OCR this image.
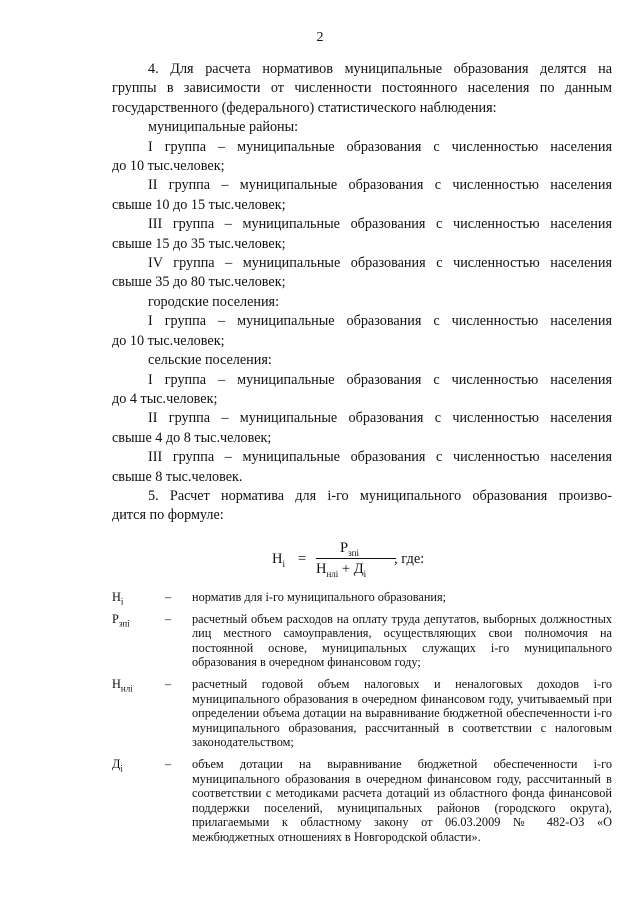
2
4. Для расчета нормативов муниципальные образования делятся на
группы в зависимости от численности постоянного населения по данным
государственного (федерального) статистического наблюдения:
муниципальные районы:
I группа – муниципальные образования с численностью населения
до 10 тыс.человек;
II группа – муниципальные образования с численностью населения
свыше 10 до 15 тыс.человек;
III группа – муниципальные образования с численностью населения
свыше 15 до 35 тыс.человек;
IV группа – муниципальные образования с численностью населения
свыше 35 до 80 тыс.человек;
городские поселения:
I группа – муниципальные образования с численностью населения
до 10 тыс.человек;
сельские поселения:
I группа – муниципальные образования с численностью населения
до 4 тыс.человек;
II группа – муниципальные образования с численностью населения
свыше 4 до 8 тыс.человек;
III группа – муниципальные образования с численностью населения
свыше 8 тыс.человек.
5. Расчет норматива для i-го муниципального образования произво-
дится по формуле:
$Н_i$ =
$Р_{зпi}$
$Н_{нлi} + Д_i$
, где:
$Н_i$	– норматив для i-го муниципального образования;
$Р_{зпi}$	– расчетный объем расходов на оплату труда депутатов, выборных должностных лиц местного самоуправления, осуществляющих свои полномочия на постоянной основе, муниципальных служащих i-го муниципального образования в очередном финансовом году;
$Н_{нлi}$	– расчетный годовой объем налоговых и неналоговых доходов i-го муниципального образования в очередном финансовом году, учитываемый при определении объема дотации на выравнивание бюджетной обеспеченности i-го муниципального образования, рассчитанный в соответствии с налоговым законодательством;
$Д_i$	– объем дотации на выравнивание бюджетной обеспеченности i-го муниципального образования в очередном финансовом году, рассчитанный в соответствии с методиками расчета дотаций из областного фонда финансовой поддержки поселений, муниципальных районов (городского округа), прилагаемыми к областному закону от 06.03.2009 № 482-ОЗ «О межбюджетных отношениях в Новгородской области».
